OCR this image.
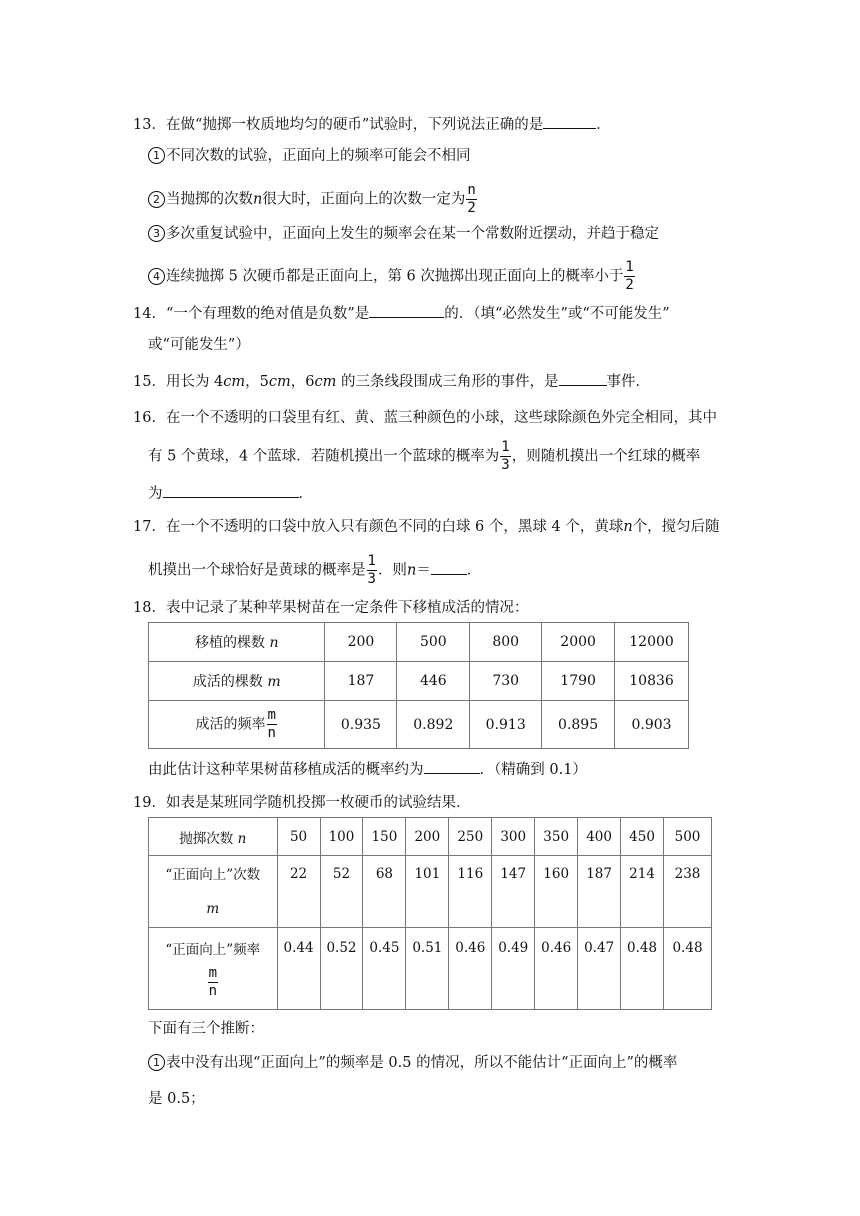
13．在做“抛掷一枚质地均匀的硬币”试验时，下列说法正确的是	．
1 不同次数的试验，正面向上的频率可能会不相同
2 当抛掷的次数n很大时，正面向上的次数一定为 $\frac{n}{2}$
3 多次重复试验中，正面向上发生的频率会在某一个常数附近摆动，并趋于稳定
4 连续抛掷 5 次硬币都是正面向上，第 6 次抛掷出现正面向上的概率小于 $\frac{1}{2}$
14．“一个有理数的绝对值是负数”是	的．（填“必然发生”或“不可能发生”
或“可能发生”）
15．用长为 4cm，5cm，6cm 的三条线段围成三角形的事件，是	事件．
16．在一个不透明的口袋里有红、黄、蓝三种颜色的小球，这些球除颜色外完全相同，其中
有 5 个黄球，4 个蓝球．若随机摸出一个蓝球的概率为 $\frac{1}{3}$ ，则随机摸出一个红球的概率
为	．
17．在一个不透明的口袋中放入只有颜色不同的白球 6 个，黑球 4 个，黄球n个，搅匀后随
机摸出一个球恰好是黄球的概率是 $\frac{1}{3}$ ．则n＝ ．
18．表中记录了某种苹果树苗在一定条件下移植成活的情况：
移植的棵数 n	200	500	800	2000	12000
成活的棵数 m	187	446	730	1790	10836
成活的频率 $\frac{m}{n}$	0.935	0.892	0.913	0.895	0.903
由此估计这种苹果树苗移植成活的概率约为	．（精确到 0.1）
19．如表是某班同学随机投掷一枚硬币的试验结果．
抛掷次数 n	50	100	150	200	250	300	350	400	450	500
“正面向上”次数
m	22	52	68	101	116	147	160	187	214	238
“正面向上”频率

$\frac{m}{n}$	0.44	0.52	0.45	0.51	0.46	0.49	0.46	0.47	0.48	0.48
下面有三个推断：
1 表中没有出现“正面向上”的频率是 0.5 的情况，所以不能估计“正面向上”的概率
是 0.5；
